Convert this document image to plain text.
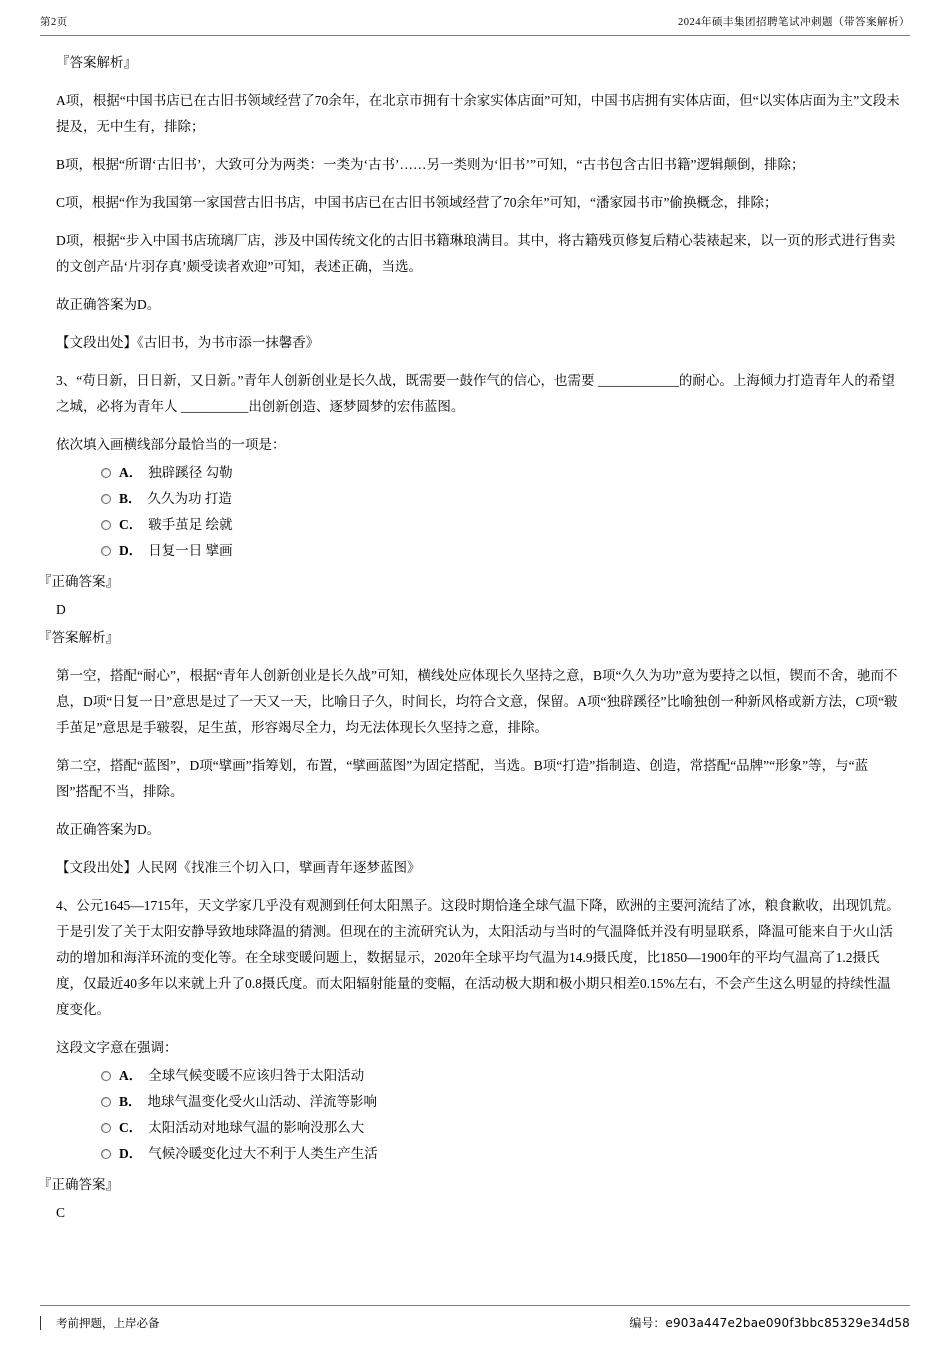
第2页	2024年硕丰集团招聘笔试冲刺题（带答案解析）

『答案解析』

A项，根据“中国书店已在古旧书领域经营了70余年，在北京市拥有十余家实体店面”可知，中国书店拥有实体店面，但“以实体店面为主”文段未提及，无中生有，排除；

B项，根据“所谓‘古旧书’，大致可分为两类：一类为‘古书’……另一类则为‘旧书’”可知，“古书包含古旧书籍”逻辑颠倒，排除；

C项，根据“作为我国第一家国营古旧书店，中国书店已在古旧书领域经营了70余年”可知，“潘家园书市”偷换概念，排除；

D项，根据“步入中国书店琉璃厂店，涉及中国传统文化的古旧书籍琳琅满目。其中，将古籍残页修复后精心装裱起来，以一页的形式进行售卖的文创产品‘片羽存真’颇受读者欢迎”可知，表述正确，当选。

故正确答案为D。

【文段出处】《古旧书，为书市添一抹馨香》

3、“苟日新，日日新，又日新。”青年人创新创业是长久战，既需要一鼓作气的信心，也需要 ____________的耐心。上海倾力打造青年人的希望之城，必将为青年人 __________出创新创造、逐梦圆梦的宏伟蓝图。

依次填入画横线部分最恰当的一项是：

A． 独辟蹊径 勾勒
B． 久久为功 打造
C． 皲手茧足 绘就
D． 日复一日 擘画

『正确答案』

D

『答案解析』

第一空，搭配“耐心”，根据“青年人创新创业是长久战”可知，横线处应体现长久坚持之意，B项“久久为功”意为要持之以恒，锲而不舍，驰而不息，D项“日复一日”意思是过了一天又一天，比喻日子久，时间长，均符合文意，保留。A项“独辟蹊径”比喻独创一种新风格或新方法，C项“皲手茧足”意思是手皲裂，足生茧，形容竭尽全力，均无法体现长久坚持之意，排除。

第二空，搭配“蓝图”，D项“擘画”指筹划，布置，“擘画蓝图”为固定搭配，当选。B项“打造”指制造、创造，常搭配“品牌”“形象”等，与“蓝图”搭配不当，排除。

故正确答案为D。

【文段出处】人民网《找准三个切入口，擘画青年逐梦蓝图》

4、公元1645—1715年，天文学家几乎没有观测到任何太阳黑子。这段时期恰逢全球气温下降，欧洲的主要河流结了冰，粮食歉收，出现饥荒。于是引发了关于太阳安静导致地球降温的猜测。但现在的主流研究认为，太阳活动与当时的气温降低并没有明显联系，降温可能来自于火山活动的增加和海洋环流的变化等。在全球变暖问题上，数据显示，2020年全球平均气温为14.9摄氏度，比1850—1900年的平均气温高了1.2摄氏度，仅最近40多年以来就上升了0.8摄氏度。而太阳辐射能量的变幅，在活动极大期和极小期只相差0.15%左右，不会产生这么明显的持续性温度变化。

这段文字意在强调：

A． 全球气候变暖不应该归咎于太阳活动
B． 地球气温变化受火山活动、洋流等影响
C． 太阳活动对地球气温的影响没那么大
D． 气候冷暖变化过大不利于人类生产生活

『正确答案』

C

考前押题，上岸必备	编号：e903a447e2bae090f3bbc85329e34d58
